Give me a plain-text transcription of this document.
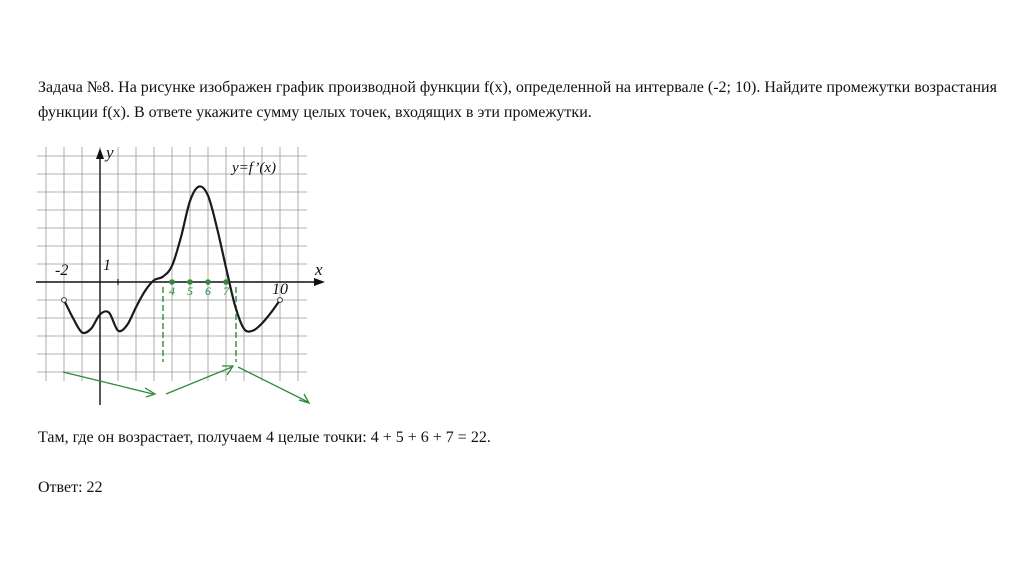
Задача №8. На рисунке изображен график производной функции f(x), определенной на интервале (-2; 10). Найдите промежутки возрастания функции f(x). В ответе укажите сумму целых точек, входящих в эти промежутки.

y
x
y=f’(x)
-2 1
10
4 5 6 7

Там, где он возрастает, получаем 4 целые точки: 4 + 5 + 6 + 7 = 22.

Ответ: 22
